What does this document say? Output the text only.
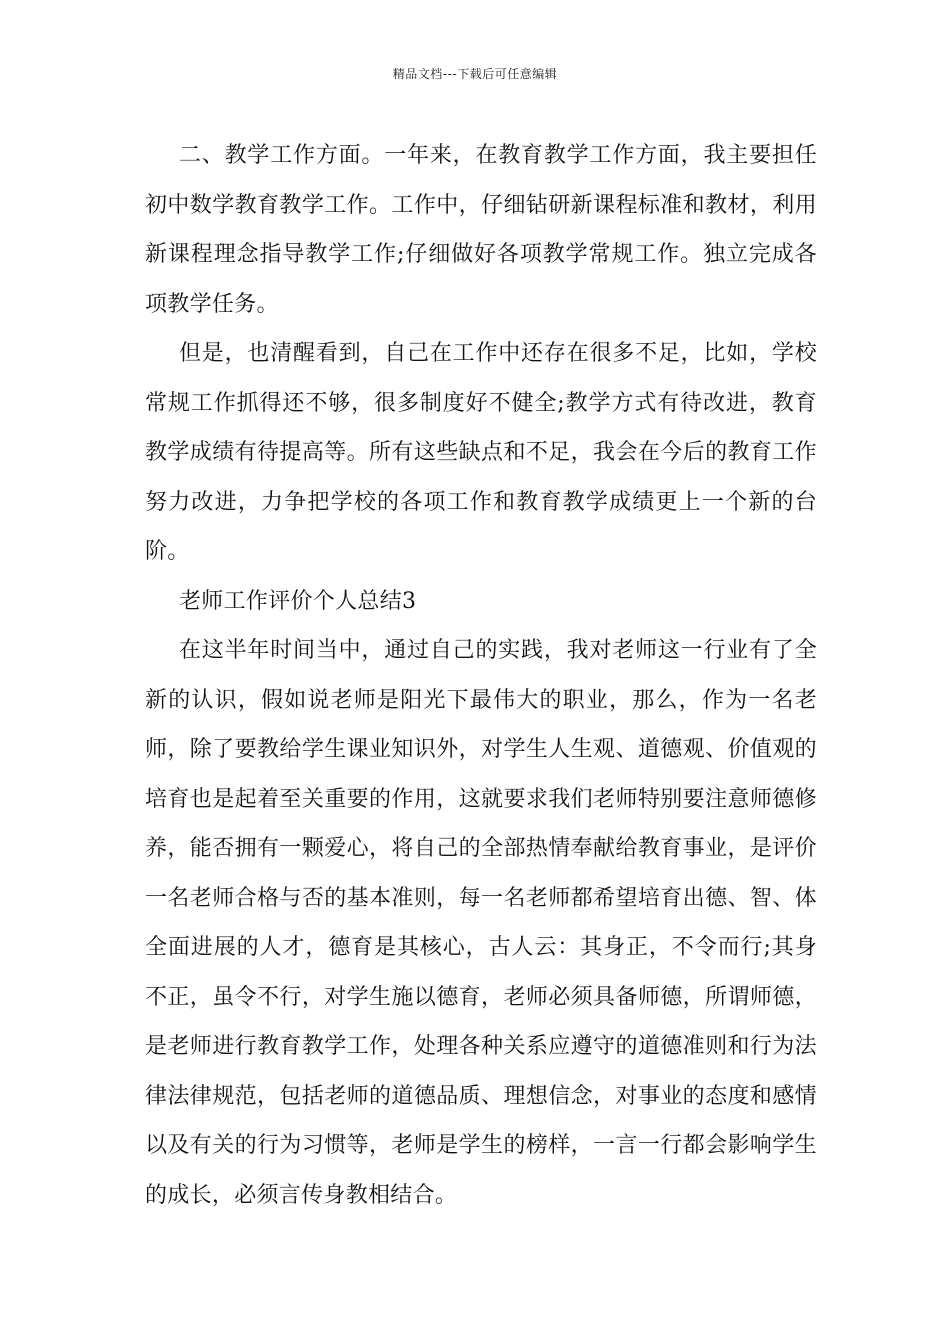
精品文档---下载后可任意编辑

二、教学工作方面。一年来，在教育教学工作方面，我主要担任初中数学教育教学工作。工作中，仔细钻研新课程标准和教材，利用新课程理念指导教学工作;仔细做好各项教学常规工作。独立完成各项教学任务。

但是，也清醒看到，自己在工作中还存在很多不足，比如，学校常规工作抓得还不够，很多制度好不健全;教学方式有待改进，教育教学成绩有待提高等。所有这些缺点和不足，我会在今后的教育工作努力改进，力争把学校的各项工作和教育教学成绩更上一个新的台阶。

老师工作评价个人总结3

在这半年时间当中，通过自己的实践，我对老师这一行业有了全新的认识，假如说老师是阳光下最伟大的职业，那么，作为一名老师，除了要教给学生课业知识外，对学生人生观、道德观、价值观的培育也是起着至关重要的作用，这就要求我们老师特别要注意师德修养，能否拥有一颗爱心，将自己的全部热情奉献给教育事业，是评价一名老师合格与否的基本准则，每一名老师都希望培育出德、智、体全面进展的人才，德育是其核心，古人云：其身正，不令而行;其身不正，虽令不行，对学生施以德育，老师必须具备师德，所谓师德，是老师进行教育教学工作，处理各种关系应遵守的道德准则和行为法律法律规范，包括老师的道德品质、理想信念，对事业的态度和感情以及有关的行为习惯等，老师是学生的榜样，一言一行都会影响学生的成长，必须言传身教相结合。
